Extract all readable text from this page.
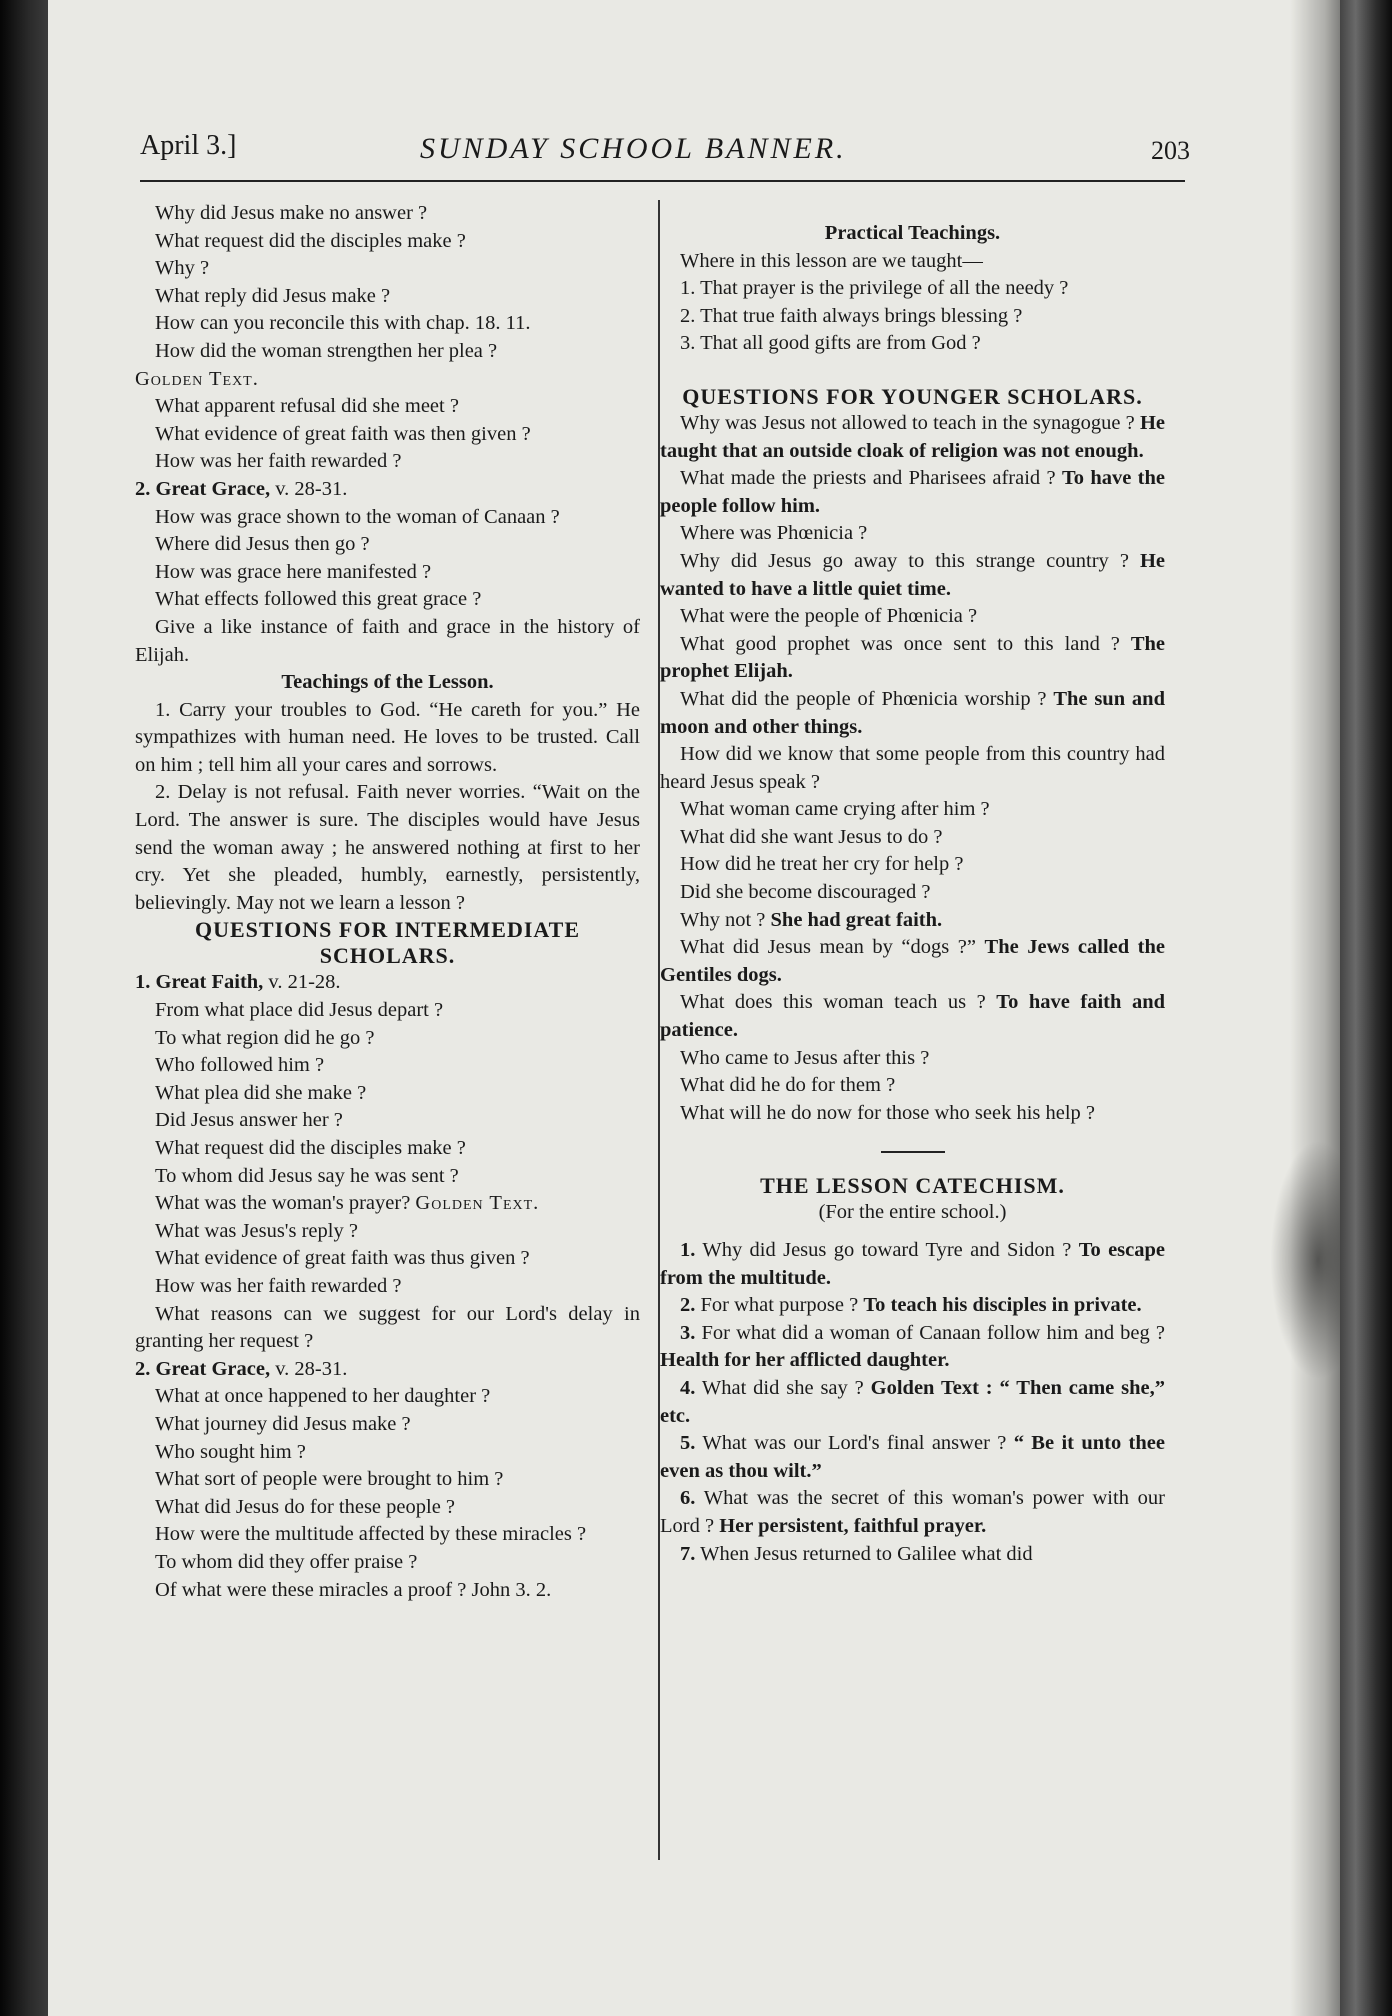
April 3.]	SUNDAY SCHOOL BANNER.	203

Why did Jesus make no answer ?

What request did the disciples make ?

Why ?

What reply did Jesus make ?

How can you reconcile this with chap. 18. 11.

How did the woman strengthen her plea ?

Golden Text.

What apparent refusal did she meet ?

What evidence of great faith was then given ?

How was her faith rewarded ?

2. Great Grace, v. 28-31.

How was grace shown to the woman of Canaan ?

Where did Jesus then go ?

How was grace here manifested ?

What effects followed this great grace ?

Give a like instance of faith and grace in the history of Elijah.

Teachings of the Lesson.

1. Carry your troubles to God. “He careth for you.” He sympathizes with human need. He loves to be trusted. Call on him ; tell him all your cares and sorrows.

2. Delay is not refusal. Faith never worries. “Wait on the Lord. The answer is sure. The disciples would have Jesus send the woman away ; he answered nothing at first to her cry. Yet she pleaded, humbly, earnestly, persistently, believingly. May not we learn a lesson ?

QUESTIONS FOR INTERMEDIATE SCHOLARS.

1. Great Faith, v. 21-28.

From what place did Jesus depart ?

To what region did he go ?

Who followed him ?

What plea did she make ?

Did Jesus answer her ?

What request did the disciples make ?

To whom did Jesus say he was sent ?

What was the woman's prayer? Golden Text.

What was Jesus's reply ?

What evidence of great faith was thus given ?

How was her faith rewarded ?

What reasons can we suggest for our Lord's delay in granting her request ?

2. Great Grace, v. 28-31.

What at once happened to her daughter ?

What journey did Jesus make ?

Who sought him ?

What sort of people were brought to him ?

What did Jesus do for these people ?

How were the multitude affected by these miracles ?

To whom did they offer praise ?

Of what were these miracles a proof ? John 3. 2.

Practical Teachings.

Where in this lesson are we taught—

1. That prayer is the privilege of all the needy ?

2. That true faith always brings blessing ?

3. That all good gifts are from God ?

QUESTIONS FOR YOUNGER SCHOLARS.

Why was Jesus not allowed to teach in the synagogue ? He taught that an outside cloak of religion was not enough.

What made the priests and Pharisees afraid ? To have the people follow him.

Where was Phœnicia ?

Why did Jesus go away to this strange country ? He wanted to have a little quiet time.

What were the people of Phœnicia ?

What good prophet was once sent to this land ? The prophet Elijah.

What did the people of Phœnicia worship ? The sun and moon and other things.

How did we know that some people from this country had heard Jesus speak ?

What woman came crying after him ?

What did she want Jesus to do ?

How did he treat her cry for help ?

Did she become discouraged ?

Why not ? She had great faith.

What did Jesus mean by “dogs ?” The Jews called the Gentiles dogs.

What does this woman teach us ? To have faith and patience.

Who came to Jesus after this ?

What did he do for them ?

What will he do now for those who seek his help ?

THE LESSON CATECHISM.

(For the entire school.)

1. Why did Jesus go toward Tyre and Sidon ? To escape from the multitude.

2. For what purpose ? To teach his disciples in private.

3. For what did a woman of Canaan follow him and beg ? Health for her afflicted daughter.

4. What did she say ? Golden Text : “ Then came she,” etc.

5. What was our Lord's final answer ? “ Be it unto thee even as thou wilt.”

6. What was the secret of this woman's power with our Lord ? Her persistent, faithful prayer.

7. When Jesus returned to Galilee what did
